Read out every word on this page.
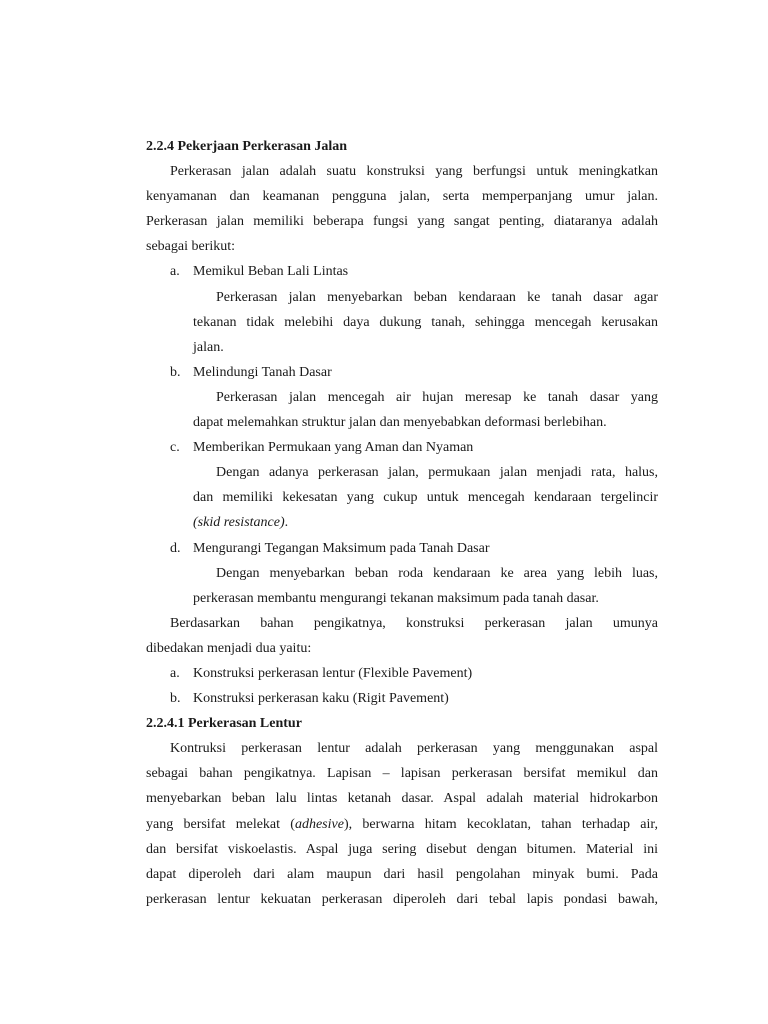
2.2.4 Pekerjaan Perkerasan Jalan
Perkerasan jalan adalah suatu konstruksi yang berfungsi untuk meningkatkan
kenyamanan dan keamanan pengguna jalan, serta memperpanjang umur jalan.
Perkerasan jalan memiliki beberapa fungsi yang sangat penting, diataranya adalah
sebagai berikut:
a. Memikul Beban Lali Lintas
Perkerasan jalan menyebarkan beban kendaraan ke tanah dasar agar
tekanan tidak melebihi daya dukung tanah, sehingga mencegah kerusakan
jalan.
b. Melindungi Tanah Dasar
Perkerasan jalan mencegah air hujan meresap ke tanah dasar yang
dapat melemahkan struktur jalan dan menyebabkan deformasi berlebihan.
c. Memberikan Permukaan yang Aman dan Nyaman
Dengan adanya perkerasan jalan, permukaan jalan menjadi rata, halus,
dan memiliki kekesatan yang cukup untuk mencegah kendaraan tergelincir
(skid resistance).
d. Mengurangi Tegangan Maksimum pada Tanah Dasar
Dengan menyebarkan beban roda kendaraan ke area yang lebih luas,
perkerasan membantu mengurangi tekanan maksimum pada tanah dasar.
Berdasarkan bahan pengikatnya, konstruksi perkerasan jalan umunya
dibedakan menjadi dua yaitu:
a. Konstruksi perkerasan lentur (Flexible Pavement)
b. Konstruksi perkerasan kaku (Rigit Pavement)
2.2.4.1 Perkerasan Lentur
Kontruksi perkerasan lentur adalah perkerasan yang menggunakan aspal
sebagai bahan pengikatnya. Lapisan – lapisan perkerasan bersifat memikul dan
menyebarkan beban lalu lintas ketanah dasar. Aspal adalah material hidrokarbon
yang bersifat melekat (adhesive), berwarna hitam kecoklatan, tahan terhadap air,
dan bersifat viskoelastis. Aspal juga sering disebut dengan bitumen. Material ini
dapat diperoleh dari alam maupun dari hasil pengolahan minyak bumi. Pada
perkerasan lentur kekuatan perkerasan diperoleh dari tebal lapis pondasi bawah,
